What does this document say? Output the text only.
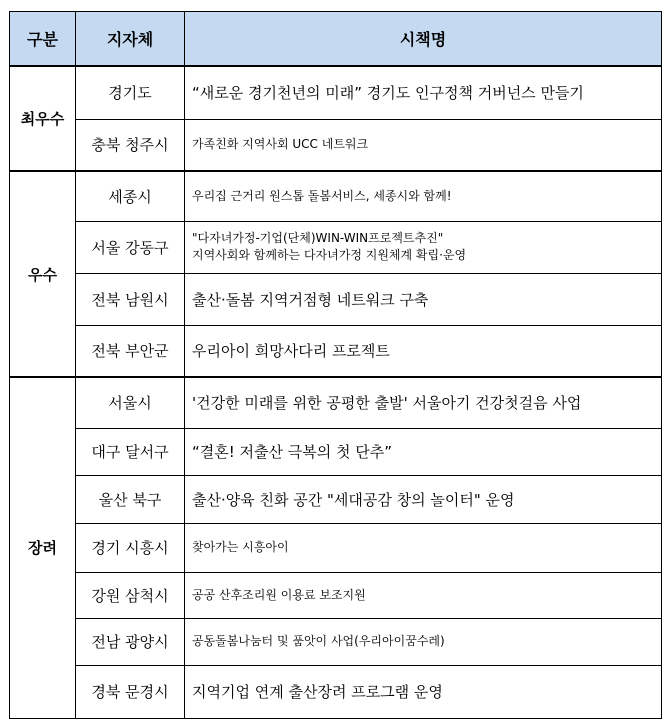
구분	지자체	시책명
최우수	경기도	“새로운 경기천년의 미래” 경기도 인구정책 거버넌스 만들기

	충북 청주시	가족친화 지역사회 UCC 네트워크

우수	세종시	우리집 근거리 원스톱 돌봄서비스, 세종시와 함께!

	서울 강동구	"다자녀가정-기업(단체)WIN-WIN프로젝트추진"
지역사회와 함께하는 다자녀가정 지원체계 확립·운영

	전북 남원시	출산·돌봄 지역거점형 네트워크 구축

	전북 부안군	우리아이 희망사다리 프로젝트

장려	서울시	'건강한 미래를 위한 공평한 출발' 서울아기 건강첫걸음 사업

	대구 달서구	“결혼! 저출산 극복의 첫 단추”

	울산 북구	출산·양육 친화 공간 "세대공감 창의 놀이터" 운영

	경기 시흥시	찾아가는 시흥아이

	강원 삼척시	공공 산후조리원 이용료 보조지원

	전남 광양시	공동돌봄나눔터 및 품앗이 사업(우리아이꿈수레)

	경북 문경시	지역기업 연계 출산장려 프로그램 운영
